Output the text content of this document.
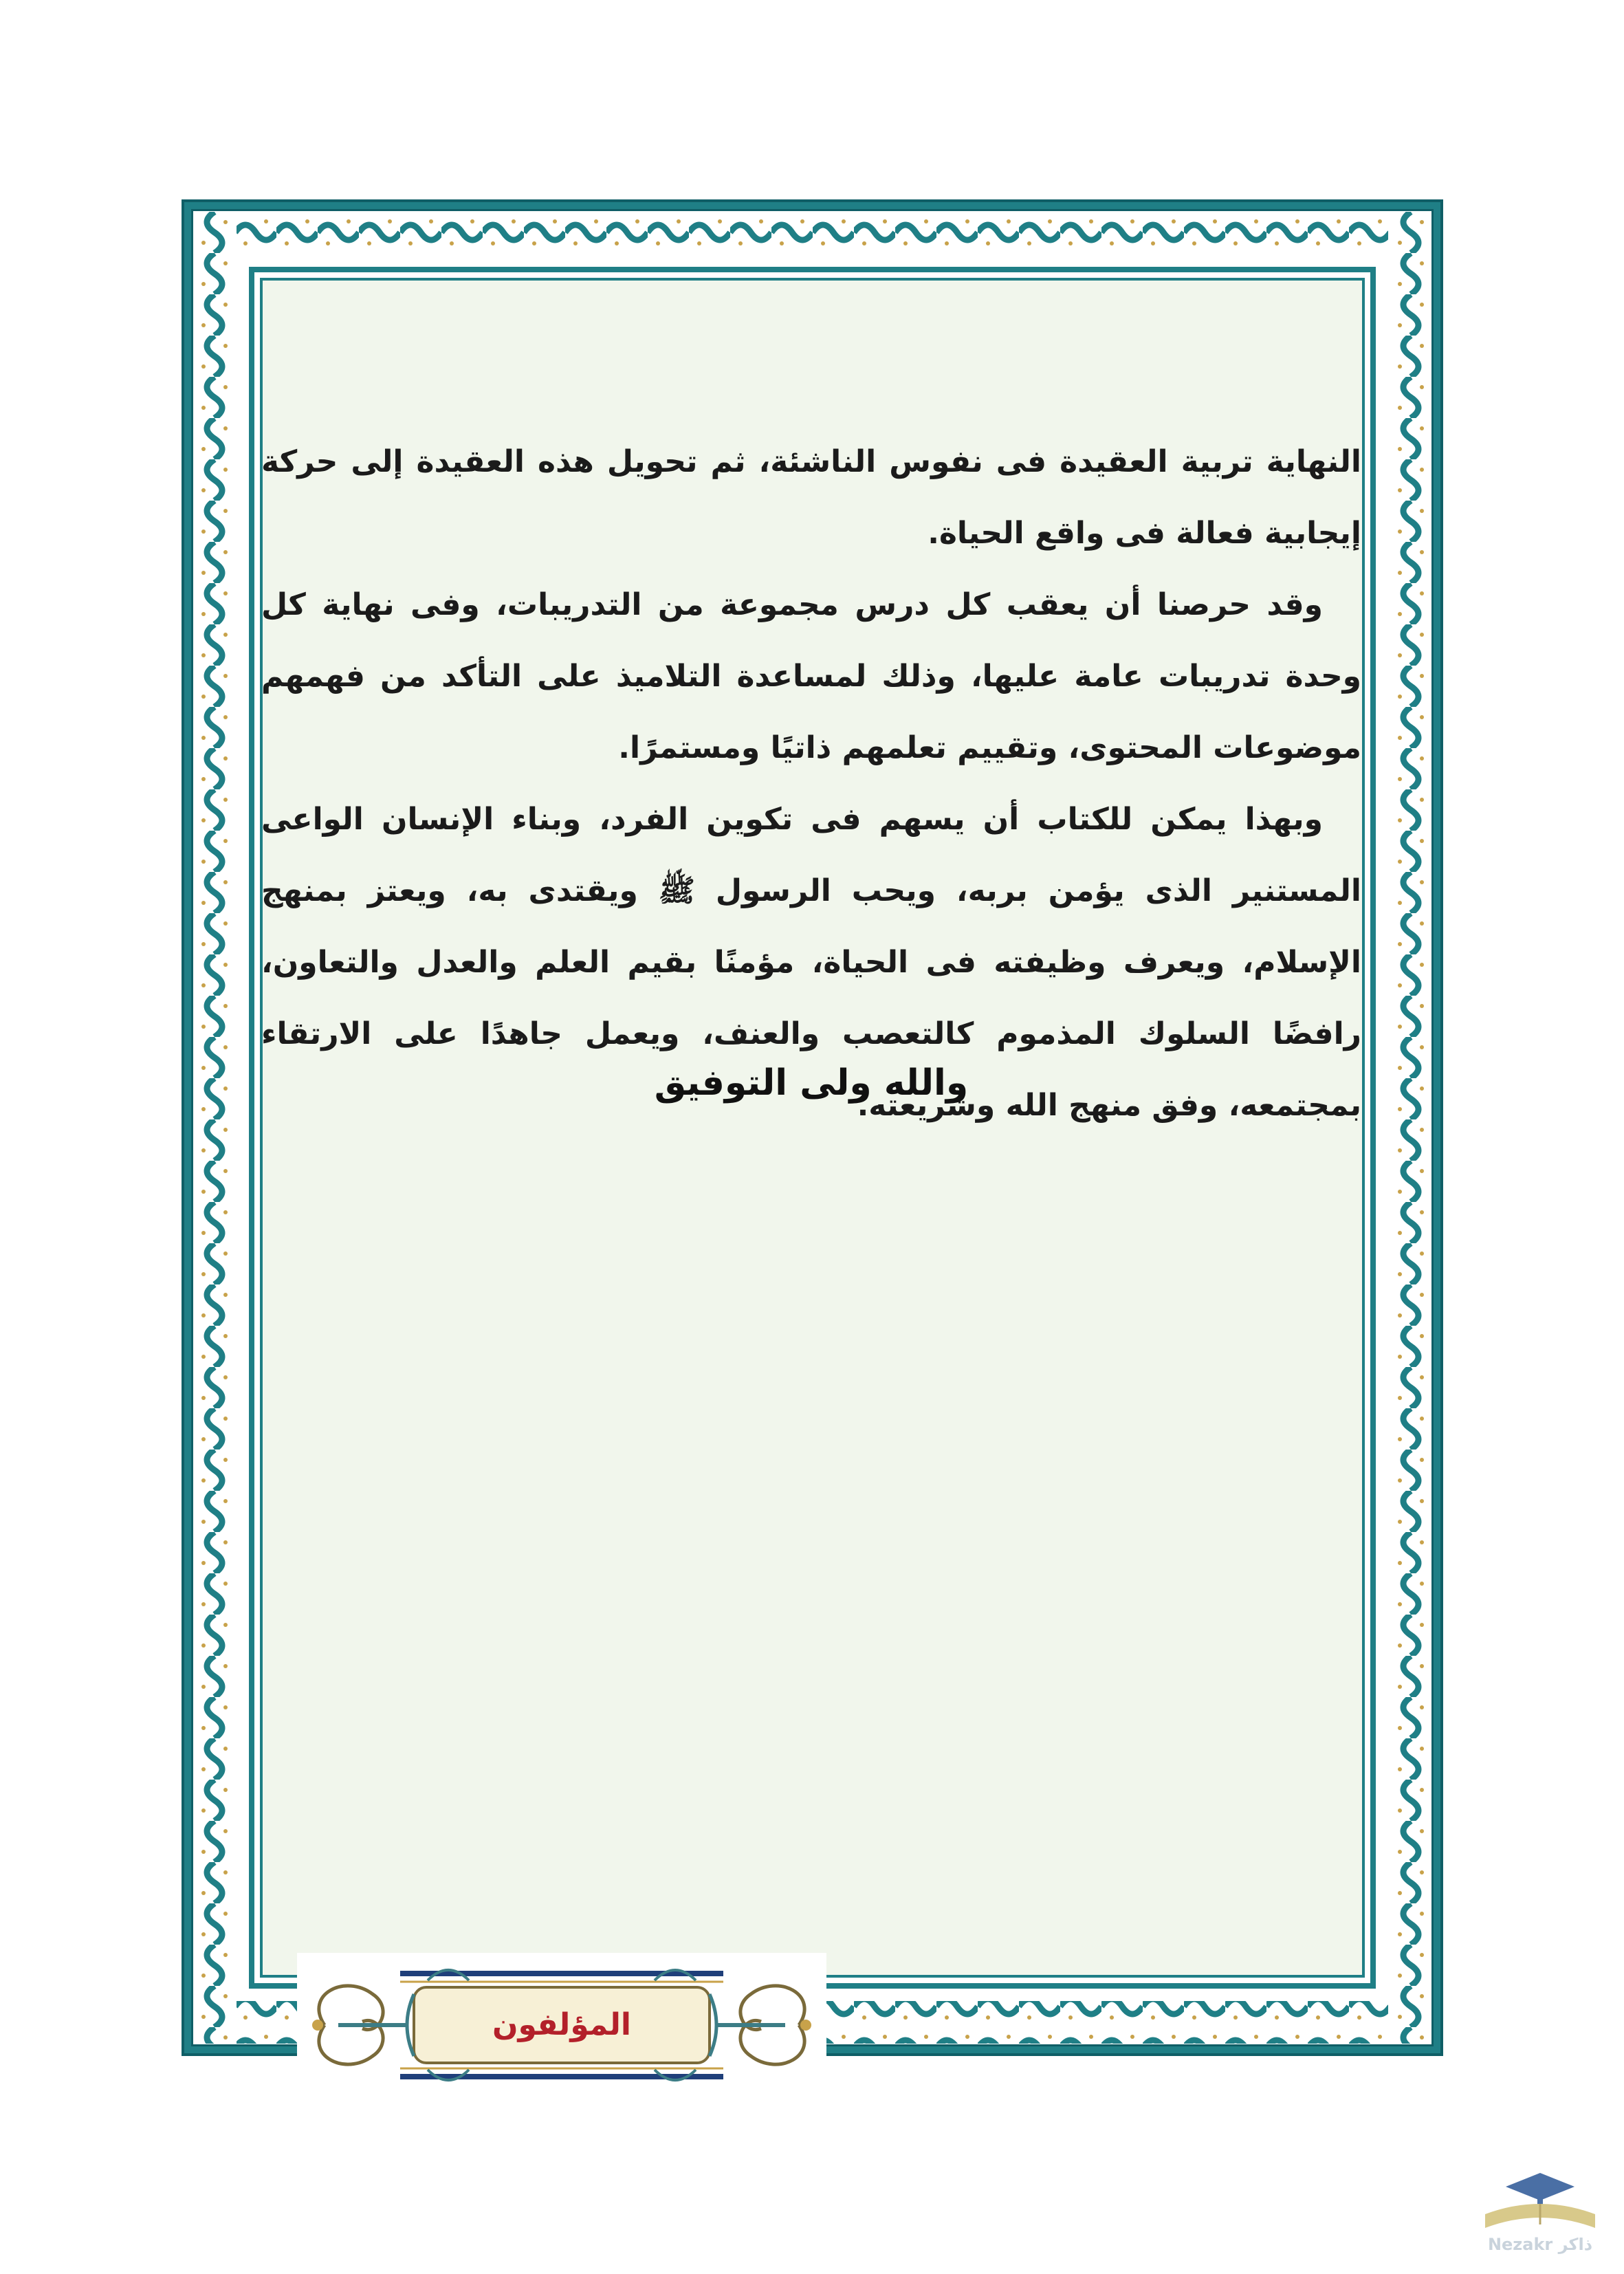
النهاية تربية العقيدة فى نفوس الناشئة، ثم تحويل هذه العقيدة إلى حركة إيجابية فعالة فى واقع الحياة.

وقد حرصنا أن يعقب كل درس مجموعة من التدريبات، وفى نهاية كل وحدة تدريبات عامة عليها، وذلك لمساعدة التلاميذ على التأكد من فهمهم موضوعات المحتوى، وتقييم تعلمهم ذاتيًا ومستمرًا.

وبهذا يمكن للكتاب أن يسهم فى تكوين الفرد، وبناء الإنسان الواعى المستنير الذى يؤمن بربه، ويحب الرسول ﷺ ويقتدى به، ويعتز بمنهج الإسلام، ويعرف وظيفته فى الحياة، مؤمنًا بقيم العلم والعدل والتعاون، رافضًا السلوك المذموم كالتعصب والعنف، ويعمل جاهدًا على الارتقاء بمجتمعه، وفق منهج الله وشريعته.

والله ولى التوفيق
المؤلفون
Nezakr ذاكر
